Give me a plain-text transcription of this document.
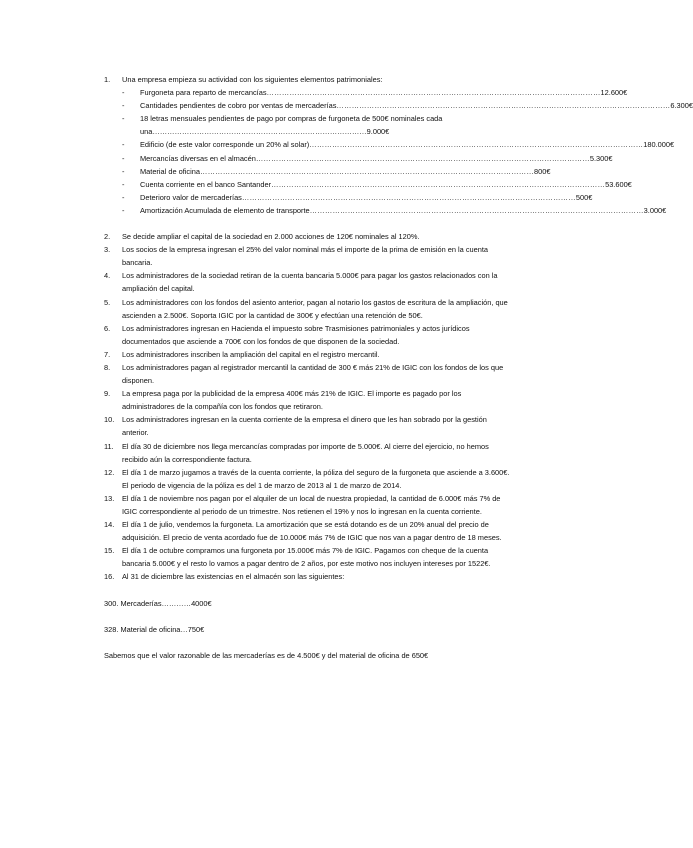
1. Una empresa empieza su actividad con los siguientes elementos patrimoniales:
- Furgoneta para reparto de mercancías …………………………………………………………………………………………………………………… 12.600€
- Cantidades pendientes de cobro por ventas de mercaderías …………………………………………………………………………………………………………………… 6.300€
- 18 letras mensuales pendientes de pago por compras de furgoneta de 500€ nominales cada una……………………………………………………………………………9.000€
- Edificio (de este valor corresponde un 20% al solar) …………………………………………………………………………………………………………………… 180.000€
- Mercancías diversas en el almacén …………………………………………………………………………………………………………………… 5.300€
- Material de oficina …………………………………………………………………………………………………………………… 800€
- Cuenta corriente en el banco Santander …………………………………………………………………………………………………………………… 53.600€
- Deterioro valor de mercaderías …………………………………………………………………………………………………………………… 500€
- Amortización Acumulada de elemento de transporte …………………………………………………………………………………………………………………… 3.000€
2. Se decide ampliar el capital de la sociedad en 2.000 acciones de 120€ nominales al 120%.
3. Los socios de la empresa ingresan el 25% del valor nominal más el importe de la prima de emisión en la cuenta bancaria.
4. Los administradores de la sociedad retiran de la cuenta bancaria 5.000€ para pagar los gastos relacionados con la ampliación del capital.
5. Los administradores con los fondos del asiento anterior, pagan al notario los gastos de escritura de la ampliación, que ascienden a 2.500€. Soporta IGIC por la cantidad de 300€ y efectúan una retención de 50€.
6. Los administradores ingresan en Hacienda el impuesto sobre Trasmisiones patrimoniales y actos jurídicos documentados que asciende a 700€ con los fondos de que disponen de la sociedad.
7. Los administradores inscriben la ampliación del capital en el registro mercantil.
8. Los administradores pagan al registrador mercantil la cantidad de 300 € más 21% de IGIC con los fondos de los que disponen.
9. La empresa paga por la publicidad de la empresa 400€ más 21% de IGIC. El importe es pagado por los administradores de la compañía con los fondos que retiraron.
10. Los administradores ingresan en la cuenta corriente de la empresa el dinero que les han sobrado por la gestión anterior.
11. El día 30 de diciembre nos llega mercancías compradas por importe de 5.000€. Al cierre del ejercicio, no hemos recibido aún la correspondiente factura.
12. El día 1 de marzo jugamos a través de la cuenta corriente, la póliza del seguro de la furgoneta que asciende a 3.600€. El periodo de vigencia de la póliza es del 1 de marzo de 2013 al 1 de marzo de 2014.
13. El día 1 de noviembre nos pagan por el alquiler de un local de nuestra propiedad, la cantidad de 6.000€ más 7% de IGIC correspondiente al periodo de un trimestre. Nos retienen el 19% y nos lo ingresan en la cuenta corriente.
14. El día 1 de julio, vendemos la furgoneta. La amortización que se está dotando es de un 20% anual del precio de adquisición. El precio de venta acordado fue de 10.000€ más 7% de IGIC que nos van a pagar dentro de 18 meses.
15. El día 1 de octubre compramos una furgoneta por 15.000€ más 7% de IGIC. Pagamos con cheque de la cuenta bancaria 5.000€ y el resto lo vamos a pagar dentro de 2 años, por este motivo nos incluyen intereses por 1522€.
16. Al 31 de diciembre las existencias en el almacén son las siguientes:

300. Mercaderías…………4000€

328. Material de oficina…750€

Sabemos que el valor razonable de las mercaderías es de 4.500€ y del material de oficina de 650€
